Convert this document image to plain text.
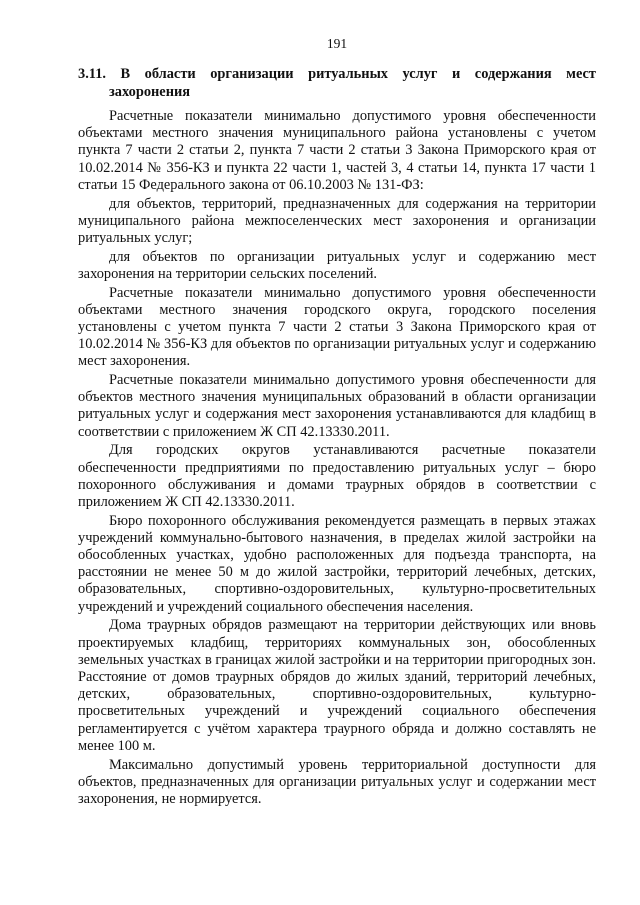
191
3.11. В области организации ритуальных услуг и содержания мест
захоронения

Расчетные показатели минимально допустимого уровня обеспеченности объектами местного значения муниципального района установлены с учетом пункта 7 части 2 статьи 2, пункта 7 части 2 статьи 3 Закона Приморского края от 10.02.2014 № 356-КЗ и пункта 22 части 1, частей 3, 4 статьи 14, пункта 17 части 1 статьи 15 Федерального закона от 06.10.2003 № 131-ФЗ:

для объектов, территорий, предназначенных для содержания на территории муниципального района межпоселенческих мест захоронения и организации ритуальных услуг;

для объектов по организации ритуальных услуг и содержанию мест захоронения на территории сельских поселений.

Расчетные показатели минимально допустимого уровня обеспеченности объектами местного значения городского округа, городского поселения установлены с учетом пункта 7 части 2 статьи 3 Закона Приморского края от 10.02.2014 № 356-КЗ для объектов по организации ритуальных услуг и содержанию мест захоронения.

Расчетные показатели минимально допустимого уровня обеспеченности для объектов местного значения муниципальных образований в области организации ритуальных услуг и содержания мест захоронения устанавливаются для кладбищ в соответствии с приложением Ж СП 42.13330.2011.

Для городских округов устанавливаются расчетные показатели обеспеченности предприятиями по предоставлению ритуальных услуг – бюро похоронного обслуживания и домами траурных обрядов в соответствии с приложением Ж СП 42.13330.2011.

Бюро похоронного обслуживания рекомендуется размещать в первых этажах учреждений коммунально-бытового назначения, в пределах жилой застройки на обособленных участках, удобно расположенных для подъезда транспорта, на расстоянии не менее 50 м до жилой застройки, территорий лечебных, детских, образовательных, спортивно-оздоровительных, культурно-просветительных учреждений и учреждений социального обеспечения населения.

Дома траурных обрядов размещают на территории действующих или вновь проектируемых кладбищ, территориях коммунальных зон, обособленных земельных участках в границах жилой застройки и на территории пригородных зон. Расстояние от домов траурных обрядов до жилых зданий, территорий лечебных, детских, образовательных, спортивно-оздоровительных, культурно-просветительных учреждений и учреждений социального обеспечения регламентируется с учётом характера траурного обряда и должно составлять не менее 100 м.

Максимально допустимый уровень территориальной доступности для объектов, предназначенных для организации ритуальных услуг и содержании мест захоронения, не нормируется.
